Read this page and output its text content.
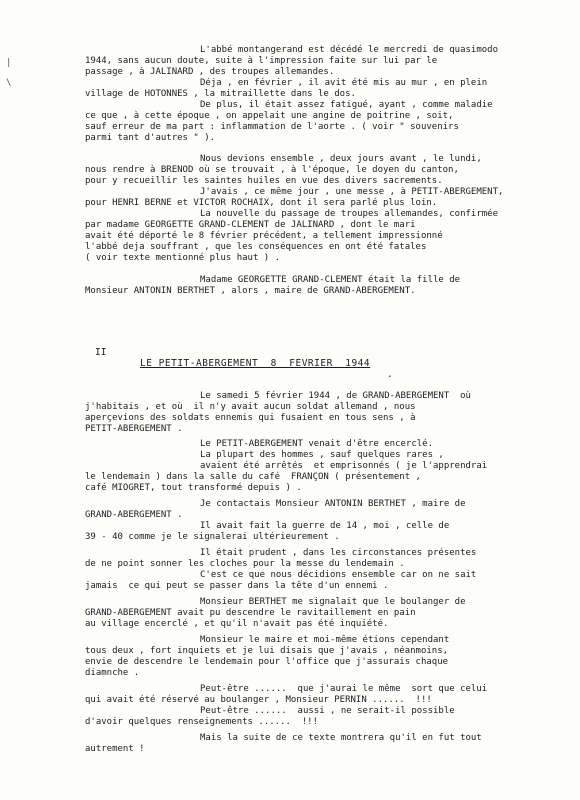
|
\
L'abbé montangerand est décédé le mercredi de quasimodo
1944, sans aucun doute, suite à l'impression faite sur lui par le
passage , à JALINARD , des troupes allemandes.
Déja , en février , il avit été mis au mur , en plein
village de HOTONNES , la mitraillette dans le dos.
De plus, il était assez fatigué, ayant , comme maladie
ce que , à cette époque , on appelait une angine de poitrine , soit,
sauf erreur de ma part : inflammation de l'aorte . ( voir " souvenirs
parmi tant d'autres " ).
Nous devions ensemble , deux jours avant , le lundi,
nous rendre à BRENOD où se trouvait , à l'époque, le doyen du canton,
pour y recueillir les saintes huiles en vue des divers sacrements.
J'avais , ce même jour , une messe , à PETIT-ABERGEMENT,
pour HENRI BERNE et VICTOR ROCHAIX, dont il sera parlé plus loin.
La nouvelle du passage de troupes allemandes, confirmée
par madame GEORGETTE GRAND-CLEMENT de JALINARD , dont le mari
avait été déporté le 8 février précédent, a tellement impressionné
l'abbé deja souffrant , que les conséquences en ont été fatales
( voir texte mentionné plus haut ) .
Madame GEORGETTE GRAND-CLEMENT était la fille de
Monsieur ANTONIN BERTHET , alors , maire de GRAND-ABERGEMENT.

II

LE PETIT-ABERGEMENT  8  FEVRIER  1944

.

Le samedi 5 février 1944 , de GRAND-ABERGEMENT  où
j'habitais , et où  il n'y avait aucun soldat allemand , nous
aperçevions des soldats ennemis qui fusaient en tous sens , à
PETIT-ABERGEMENT .
Le PETIT-ABERGEMENT venait d'être encerclé.
La plupart des hommes , sauf quelques rares ,
avaient été arrêtés  et emprisonnés ( je l'apprendrai
le lendemain ) dans la salle du café  FRANÇON ( présentement ,
café MIOGRET, tout transformé depuis ) .
Je contactais Monsieur ANTONIN BERTHET , maire de
GRAND-ABERGEMENT .
Il avait fait la guerre de 14 , moi , celle de
39 - 40 comme je le signalerai ultérieurement .
Il était prudent , dans les circonstances présentes
de ne point sonner les cloches pour la messe du lendemain .
C'est ce que nous décidions ensemble car on ne sait
jamais  ce qui peut se passer dans la tête d'un ennemi .
Monsieur BERTHET me signalait que le boulanger de
GRAND-ABERGEMENT avait pu descendre le ravitaillement en pain
au village encerclé , et qu'il n'avait pas été inquiété.
Monsieur le maire et moi-même étions cependant
tous deux , fort inquiets et je lui disais que j'avais , néanmoins,
envie de descendre le lendemain pour l'office que j'assurais chaque
diamnche .
Peut-être ......  que j'aurai le même  sort que celui
qui avait été réservé au boulanger , Monsieur PERNIN ......  !!!
Peut-être ......  aussi , ne serait-il possible
d'avoir quelques renseignements ......  !!!
Mais la suite de ce texte montrera qu'il en fut tout
autrement !
